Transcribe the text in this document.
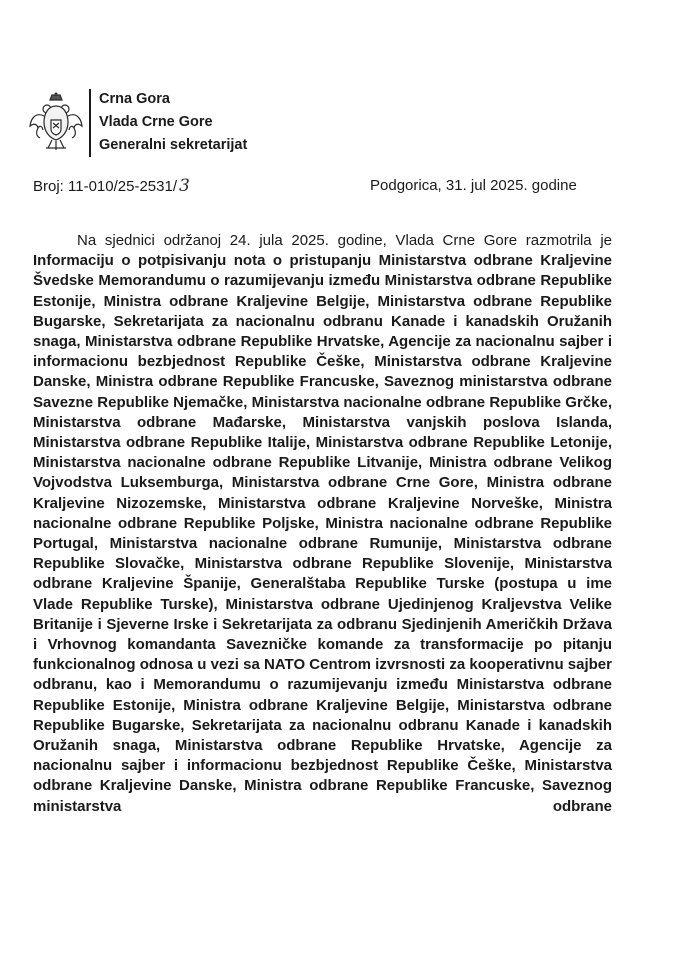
Crna Gora
Vlada Crne Gore
Generalni sekretarijat
Broj: 11-010/25-2531/ 3	Podgorica, 31. jul 2025. godine
Na sjednici održanoj 24. jula 2025. godine, Vlada Crne Gore razmotrila je Informaciju o potpisivanju nota o pristupanju Ministarstva odbrane Kraljevine Švedske Memorandumu o razumijevanju između Ministarstva odbrane Republike Estonije, Ministra odbrane Kraljevine Belgije, Ministarstva odbrane Republike Bugarske, Sekretarijata za nacionalnu odbranu Kanade i kanadskih Oružanih snaga, Ministarstva odbrane Republike Hrvatske, Agencije za nacionalnu sajber i informacionu bezbjednost Republike Češke, Ministarstva odbrane Kraljevine Danske, Ministra odbrane Republike Francuske, Saveznog ministarstva odbrane Savezne Republike Njemačke, Ministarstva nacionalne odbrane Republike Grčke, Ministarstva odbrane Mađarske, Ministarstva vanjskih poslova Islanda, Ministarstva odbrane Republike Italije, Ministarstva odbrane Republike Letonije, Ministarstva nacionalne odbrane Republike Litvanije, Ministra odbrane Velikog Vojvodstva Luksemburga, Ministarstva odbrane Crne Gore, Ministra odbrane Kraljevine Nizozemske, Ministarstva odbrane Kraljevine Norveške, Ministra nacionalne odbrane Republike Poljske, Ministra nacionalne odbrane Republike Portugal, Ministarstva nacionalne odbrane Rumunije, Ministarstva odbrane Republike Slovačke, Ministarstva odbrane Republike Slovenije, Ministarstva odbrane Kraljevine Španije, Generalštaba Republike Turske (postupa u ime Vlade Republike Turske), Ministarstva odbrane Ujedinjenog Kraljevstva Velike Britanije i Sjeverne Irske i Sekretarijata za odbranu Sjedinjenih Američkih Država i Vrhovnog komandanta Savezničke komande za transformacije po pitanju funkcionalnog odnosa u vezi sa NATO Centrom izvrsnosti za kooperativnu sajber odbranu, kao i Memorandumu o razumijevanju između Ministarstva odbrane Republike Estonije, Ministra odbrane Kraljevine Belgije, Ministarstva odbrane Republike Bugarske, Sekretarijata za nacionalnu odbranu Kanade i kanadskih Oružanih snaga, Ministarstva odbrane Republike Hrvatske, Agencije za nacionalnu sajber i informacionu bezbjednost Republike Češke, Ministarstva odbrane Kraljevine Danske, Ministra odbrane Republike Francuske, Saveznog ministarstva odbrane
